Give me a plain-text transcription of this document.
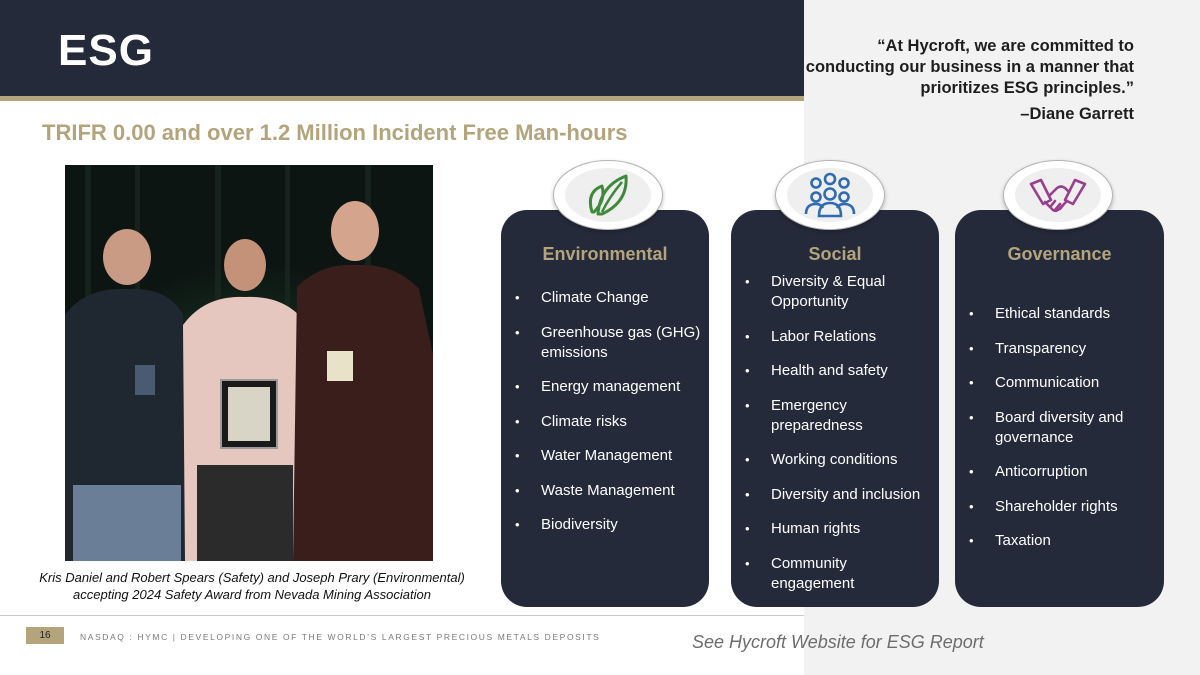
ESG	“At Hycroft, we are committed to conducting our business in a manner that prioritizes ESG principles.”
–Diane Garrett
TRIFR 0.00 and over 1.2 Million Incident Free Man-hours
Kris Daniel and Robert Spears (Safety) and Joseph Prary (Environmental)
accepting 2024 Safety Award from Nevada Mining Association
Environmental
• Climate Change
• Greenhouse gas (GHG) emissions
• Energy management
• Climate risks
• Water Management
• Waste Management
• Biodiversity
Social
• Diversity & Equal Opportunity
• Labor Relations
• Health and safety
• Emergency preparedness
• Working conditions
• Diversity and inclusion
• Human rights
• Community engagement
Governance
• Ethical standards
• Transparency
• Communication
• Board diversity and governance
• Anticorruption
• Shareholder rights
• Taxation
16	NASDAQ : HYMC | DEVELOPING ONE OF THE WORLD’S LARGEST PRECIOUS METALS DEPOSITS	See Hycroft Website for ESG Report
